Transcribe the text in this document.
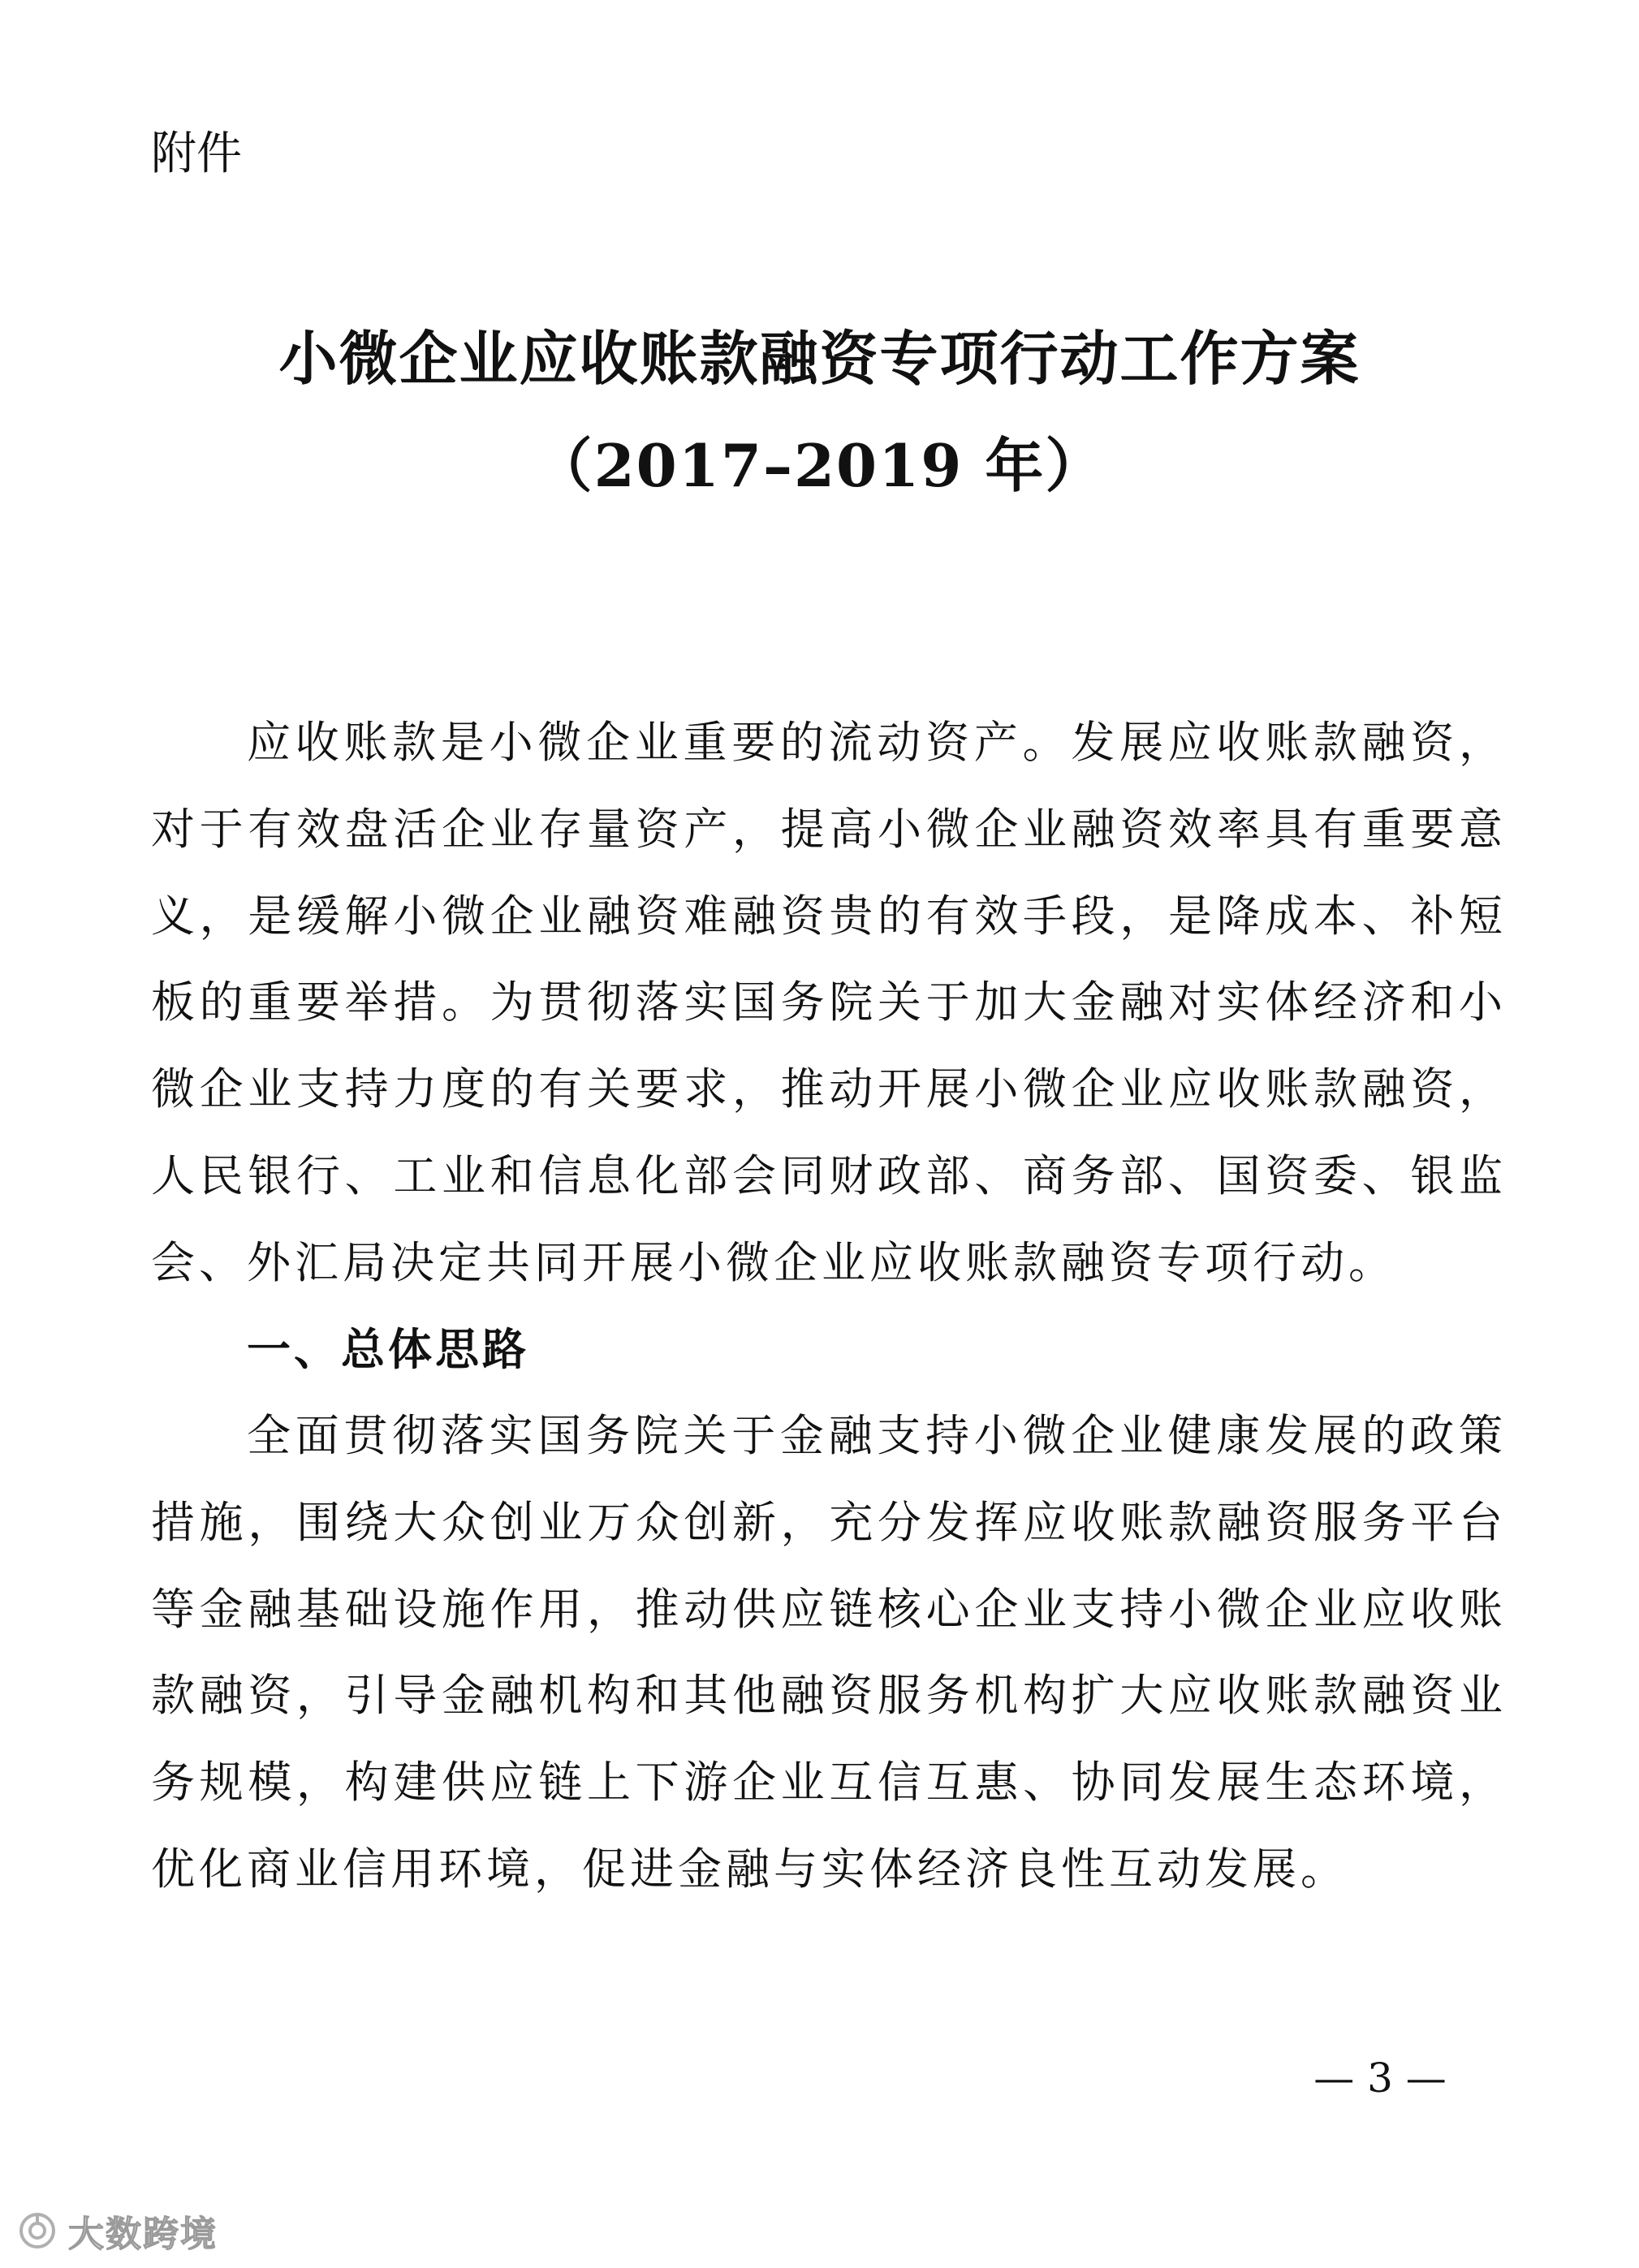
附件

小微企业应收账款融资专项行动工作方案
（2017–2019 年）

应收账款是小微企业重要的流动资产。发展应收账款融资，对于有效盘活企业存量资产，提高小微企业融资效率具有重要意义，是缓解小微企业融资难融资贵的有效手段，是降成本、补短板的重要举措。为贯彻落实国务院关于加大金融对实体经济和小微企业支持力度的有关要求，推动开展小微企业应收账款融资，人民银行、工业和信息化部会同财政部、商务部、国资委、银监会、外汇局决定共同开展小微企业应收账款融资专项行动。

一、总体思路

全面贯彻落实国务院关于金融支持小微企业健康发展的政策措施，围绕大众创业万众创新，充分发挥应收账款融资服务平台等金融基础设施作用，推动供应链核心企业支持小微企业应收账款融资，引导金融机构和其他融资服务机构扩大应收账款融资业务规模，构建供应链上下游企业互信互惠、协同发展生态环境，优化商业信用环境，促进金融与实体经济良性互动发展。

— 3 —

大数跨境
